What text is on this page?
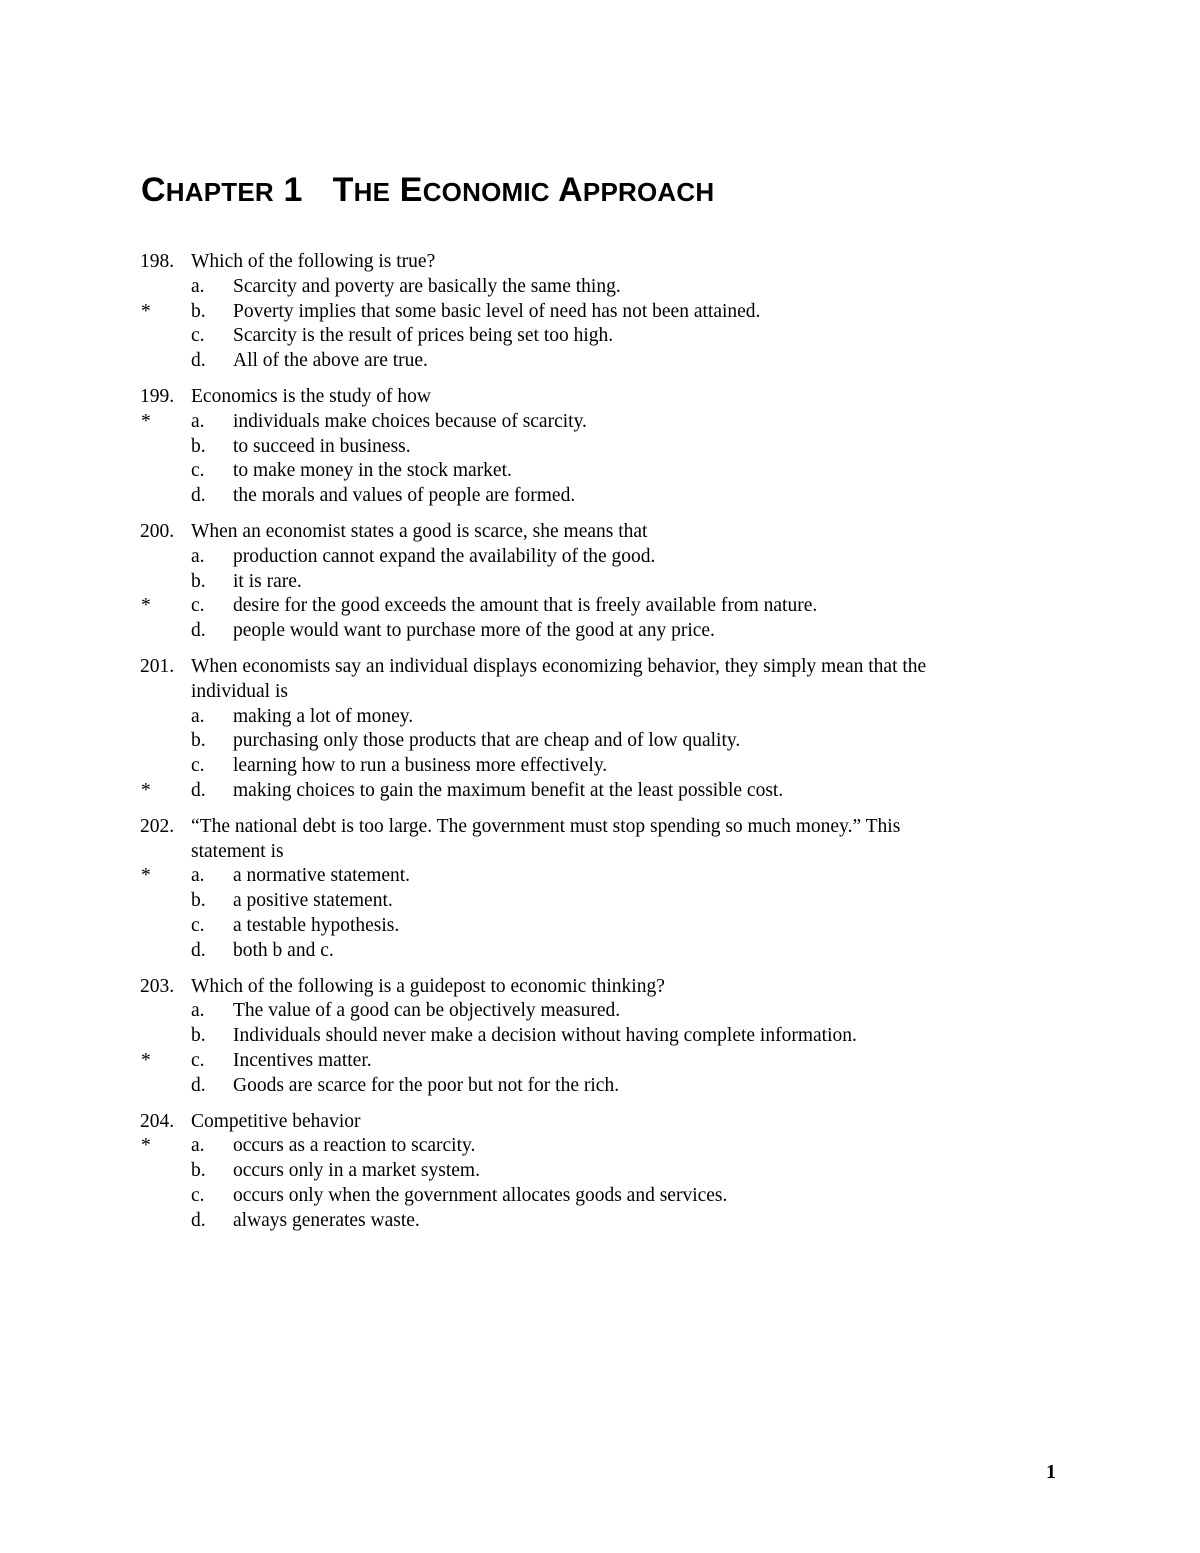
CHAPTER 1 THE ECONOMIC APPROACH
198. Which of the following is true?
a. Scarcity and poverty are basically the same thing.
* b. Poverty implies that some basic level of need has not been attained.
c. Scarcity is the result of prices being set too high.
d. All of the above are true.
199. Economics is the study of how
* a. individuals make choices because of scarcity.
b. to succeed in business.
c. to make money in the stock market.
d. the morals and values of people are formed.
200. When an economist states a good is scarce, she means that
a. production cannot expand the availability of the good.
b. it is rare.
* c. desire for the good exceeds the amount that is freely available from nature.
d. people would want to purchase more of the good at any price.
201. When economists say an individual displays economizing behavior, they simply mean that the
individual is
a. making a lot of money.
b. purchasing only those products that are cheap and of low quality.
c. learning how to run a business more effectively.
* d. making choices to gain the maximum benefit at the least possible cost.
202. “The national debt is too large. The government must stop spending so much money.” This
statement is
* a. a normative statement.
b. a positive statement.
c. a testable hypothesis.
d. both b and c.
203. Which of the following is a guidepost to economic thinking?
a. The value of a good can be objectively measured.
b. Individuals should never make a decision without having complete information.
* c. Incentives matter.
d. Goods are scarce for the poor but not for the rich.
204. Competitive behavior
* a. occurs as a reaction to scarcity.
b. occurs only in a market system.
c. occurs only when the government allocates goods and services.
d. always generates waste.
1
